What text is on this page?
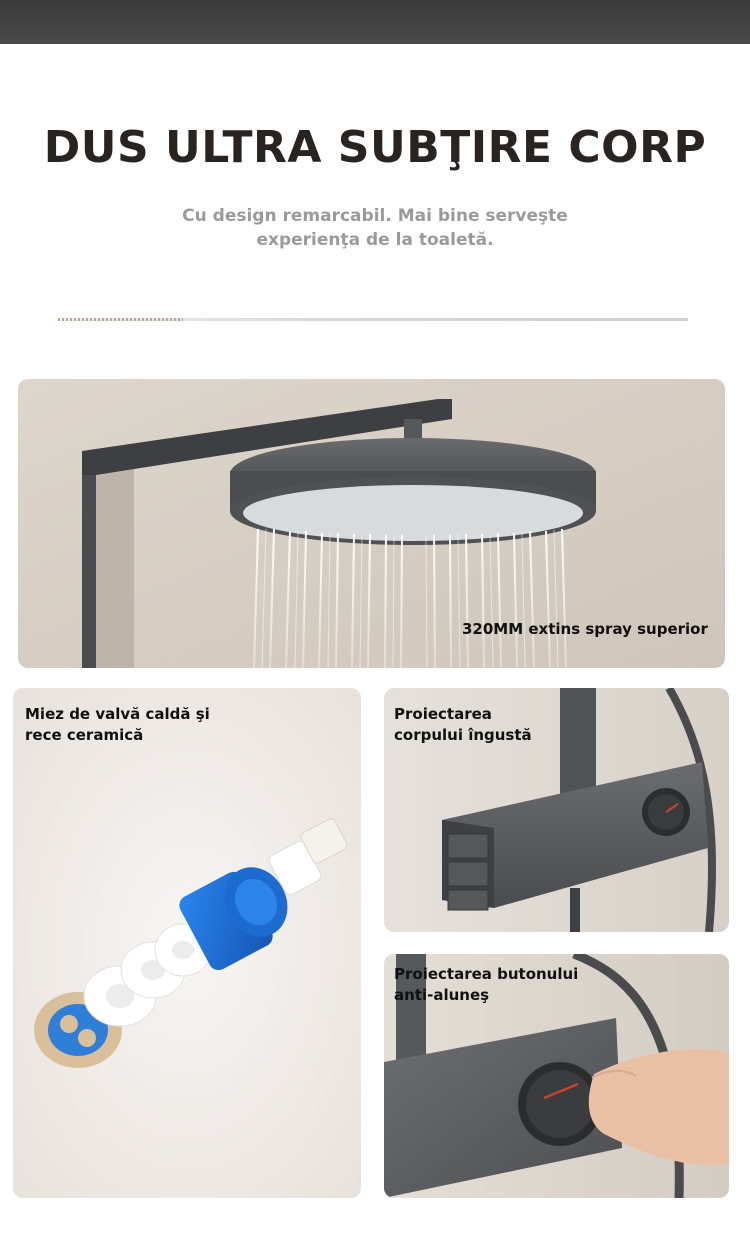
DUS ULTRA SUBŢIRE CORP
Cu design remarcabil. Mai bine serveşte
experienţa de la toaletă.
320MM extins spray superior
Miez de valvă caldă şi
rece ceramică
Proiectarea
corpului îngustă
Proiectarea butonului
anti-aluneş
